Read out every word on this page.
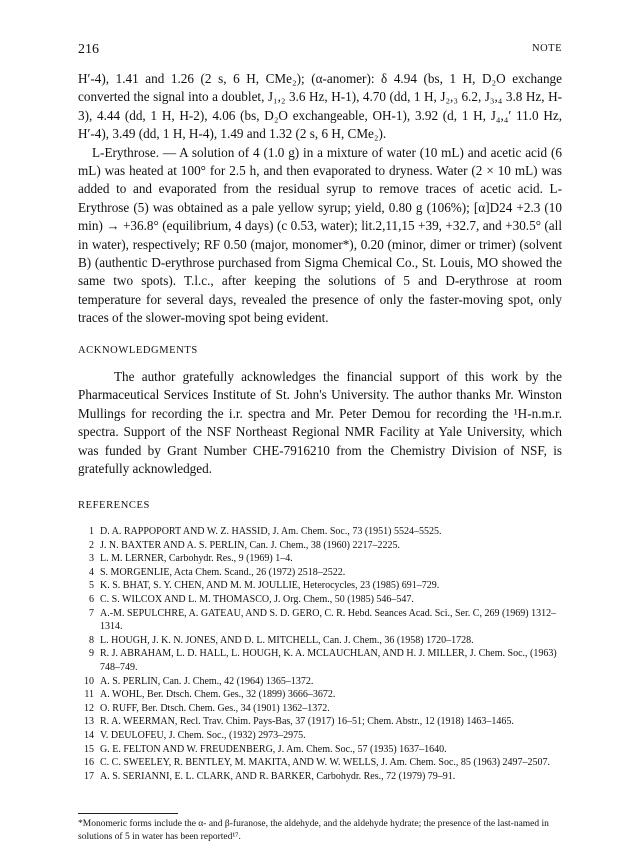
216	NOTE

H′-4), 1.41 and 1.26 (2 s, 6 H, CMe₂); (α-anomer): δ 4.94 (bs, 1 H, D₂O exchange converted the signal into a doublet, J₁,₂ 3.6 Hz, H-1), 4.70 (dd, 1 H, J₂,₃ 6.2, J₃,₄ 3.8 Hz, H-3), 4.44 (dd, 1 H, H-2), 4.06 (bs, D₂O exchangeable, OH-1), 3.92 (d, 1 H, J₄,₄′ 11.0 Hz, H′-4), 3.49 (dd, 1 H, H-4), 1.49 and 1.32 (2 s, 6 H, CMe₂).

L-Erythrose. — A solution of 4 (1.0 g) in a mixture of water (10 mL) and acetic acid (6 mL) was heated at 100° for 2.5 h, and then evaporated to dryness. Water (2 × 10 mL) was added to and evaporated from the residual syrup to remove traces of acetic acid. L-Erythrose (5) was obtained as a pale yellow syrup; yield, 0.80 g (106%); [α]D24 +2.3 (10 min) → +36.8° (equilibrium, 4 days) (c 0.53, water); lit.2,11,15 +39, +32.7, and +30.5° (all in water), respectively; RF 0.50 (major, monomer*), 0.20 (minor, dimer or trimer) (solvent B) (authentic D-erythrose purchased from Sigma Chemical Co., St. Louis, MO showed the same two spots). T.l.c., after keeping the solutions of 5 and D-erythrose at room temperature for several days, revealed the presence of only the faster-moving spot, only traces of the slower-moving spot being evident.

ACKNOWLEDGMENTS

The author gratefully acknowledges the financial support of this work by the Pharmaceutical Services Institute of St. John's University. The author thanks Mr. Winston Mullings for recording the i.r. spectra and Mr. Peter Demou for recording the ¹H-n.m.r. spectra. Support of the NSF Northeast Regional NMR Facility at Yale University, which was funded by Grant Number CHE-7916210 from the Chemistry Division of NSF, is gratefully acknowledged.

REFERENCES
1 D. A. RAPPOPORT AND W. Z. HASSID, J. Am. Chem. Soc., 73 (1951) 5524–5525.
2 J. N. BAXTER AND A. S. PERLIN, Can. J. Chem., 38 (1960) 2217–2225.
3 L. M. LERNER, Carbohydr. Res., 9 (1969) 1–4.
4 S. MORGENLIE, Acta Chem. Scand., 26 (1972) 2518–2522.
5 K. S. BHAT, S. Y. CHEN, AND M. M. JOULLIE, Heterocycles, 23 (1985) 691–729.
6 C. S. WILCOX AND L. M. THOMASCO, J. Org. Chem., 50 (1985) 546–547.
7 A.-M. SEPULCHRE, A. GATEAU, AND S. D. GERO, C. R. Hebd. Seances Acad. Sci., Ser. C, 269 (1969) 1312–1314.
8 L. HOUGH, J. K. N. JONES, AND D. L. MITCHELL, Can. J. Chem., 36 (1958) 1720–1728.
9 R. J. ABRAHAM, L. D. HALL, L. HOUGH, K. A. MCLAUCHLAN, AND H. J. MILLER, J. Chem. Soc., (1963) 748–749.
10 A. S. PERLIN, Can. J. Chem., 42 (1964) 1365–1372.
11 A. WOHL, Ber. Dtsch. Chem. Ges., 32 (1899) 3666–3672.
12 O. RUFF, Ber. Dtsch. Chem. Ges., 34 (1901) 1362–1372.
13 R. A. WEERMAN, Recl. Trav. Chim. Pays-Bas, 37 (1917) 16–51; Chem. Abstr., 12 (1918) 1463–1465.
14 V. DEULOFEU, J. Chem. Soc., (1932) 2973–2975.
15 G. E. FELTON AND W. FREUDENBERG, J. Am. Chem. Soc., 57 (1935) 1637–1640.
16 C. C. SWEELEY, R. BENTLEY, M. MAKITA, AND W. W. WELLS, J. Am. Chem. Soc., 85 (1963) 2497–2507.
17 A. S. SERIANNI, E. L. CLARK, AND R. BARKER, Carbohydr. Res., 72 (1979) 79–91.
*Monomeric forms include the α- and β-furanose, the aldehyde, and the aldehyde hydrate; the presence of the last-named in solutions of 5 in water has been reported¹⁷.
